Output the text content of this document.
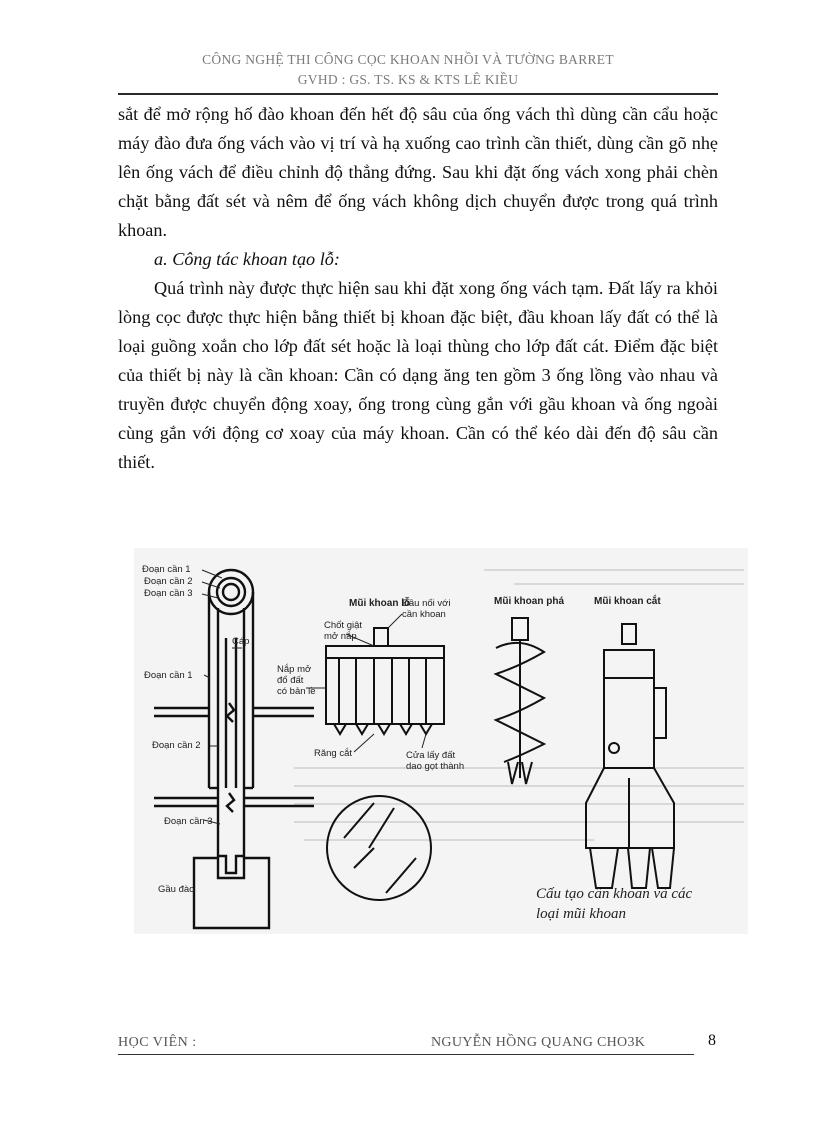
CÔNG NGHỆ THI CÔNG CỌC KHOAN NHỒI VÀ TƯỜNG BARRET
GVHD : GS. TS. KS & KTS LÊ KIỀU

sắt để mở rộng hố đào khoan đến hết độ sâu của ống vách thì dùng cần cẩu hoặc máy đào đưa ống vách vào vị trí và hạ xuống cao trình cần thiết, dùng cần gõ nhẹ lên ống vách để điều chỉnh độ thẳng đứng. Sau khi đặt ống vách xong phải chèn chặt bằng đất sét và nêm để ống vách không dịch chuyển được trong quá trình khoan.

a. Công tác khoan tạo lỗ:

Quá trình này được thực hiện sau khi đặt xong ống vách tạm. Đất lấy ra khỏi lòng cọc được thực hiện bằng thiết bị khoan đặc biệt, đầu khoan lấy đất có thể là loại guồng xoắn cho lớp đất sét hoặc là loại thùng cho lớp đất cát. Điểm đặc biệt của thiết bị này là cần khoan: Cần có dạng ăng ten gồm 3 ống lồng vào nhau và truyền được chuyển động xoay, ống trong cùng gắn với gầu khoan và ống ngoài cùng gắn với động cơ xoay của máy khoan. Cần có thể kéo dài đến độ sâu cần thiết.

Đoạn cần 1
Đoạn cần 2
Đoạn cần 3
Cáp
Đoạn cần 1
Đoạn cần 2
Đoạn cần 3
Gầu đào
Mũi khoan lỗ	Mũi khoan phá	Mũi khoan cắt
Chốt giật
mở nắp
Đầu nối với
cần khoan
Nắp mở
đổ đất
có bản lề
Răng cắt	Cửa lấy đất
dao gọt thành
Cấu tạo cần khoan và các
loại mũi khoan
HỌC VIÊN :	NGUYỄN HỒNG QUANG CHO3K	8
